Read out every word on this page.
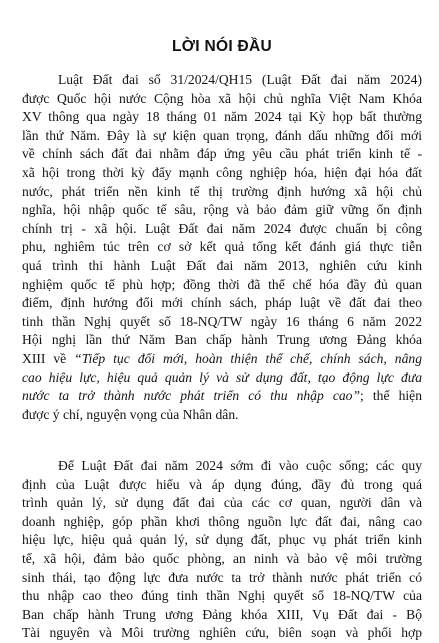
LỜI NÓI ĐẦU
Luật Đất đai số 31/2024/QH15 (Luật Đất đai năm 2024)
được Quốc hội nước Cộng hòa xã hội chủ nghĩa Việt Nam Khóa
XV thông qua ngày 18 tháng 01 năm 2024 tại Kỳ họp bất thường
lần thứ Năm. Đây là sự kiện quan trọng, đánh dấu những đổi mới
về chính sách đất đai nhằm đáp ứng yêu cầu phát triển kinh tế -
xã hội trong thời kỳ đẩy mạnh công nghiệp hóa, hiện đại hóa đất
nước, phát triển nền kinh tế thị trường định hướng xã hội chủ
nghĩa, hội nhập quốc tế sâu, rộng và bảo đảm giữ vững ổn định
chính trị - xã hội. Luật Đất đai năm 2024 được chuẩn bị công
phu, nghiêm túc trên cơ sở kết quả tổng kết đánh giá thực tiễn
quá trình thi hành Luật Đất đai năm 2013, nghiên cứu kinh
nghiệm quốc tế phù hợp; đồng thời đã thể chế hóa đầy đủ quan
điểm, định hướng đổi mới chính sách, pháp luật về đất đai theo
tinh thần Nghị quyết số 18-NQ/TW ngày 16 tháng 6 năm 2022
Hội nghị lần thứ Năm Ban chấp hành Trung ương Đảng khóa
XIII về “Tiếp tục đổi mới, hoàn thiện thể chế, chính sách, nâng
cao hiệu lực, hiệu quả quản lý và sử dụng đất, tạo động lực đưa
nước ta trở thành nước phát triển có thu nhập cao”; thể hiện
được ý chí, nguyện vọng của Nhân dân.
Để Luật Đất đai năm 2024 sớm đi vào cuộc sống; các quy
định của Luật được hiểu và áp dụng đúng, đầy đủ trong quá
trình quản lý, sử dụng đất đai của các cơ quan, người dân và
doanh nghiệp, góp phần khơi thông nguồn lực đất đai, nâng cao
hiệu lực, hiệu quả quản lý, sử dụng đất, phục vụ phát triển kinh
tế, xã hội, đảm bảo quốc phòng, an ninh và bảo vệ môi trường
sinh thái, tạo động lực đưa nước ta trở thành nước phát triển có
thu nhập cao theo đúng tinh thần Nghị quyết số 18-NQ/TW của
Ban chấp hành Trung ương Đảng khóa XIII, Vụ Đất đai - Bộ
Tài nguyên và Môi trường nghiên cứu, biên soạn và phối hợp
